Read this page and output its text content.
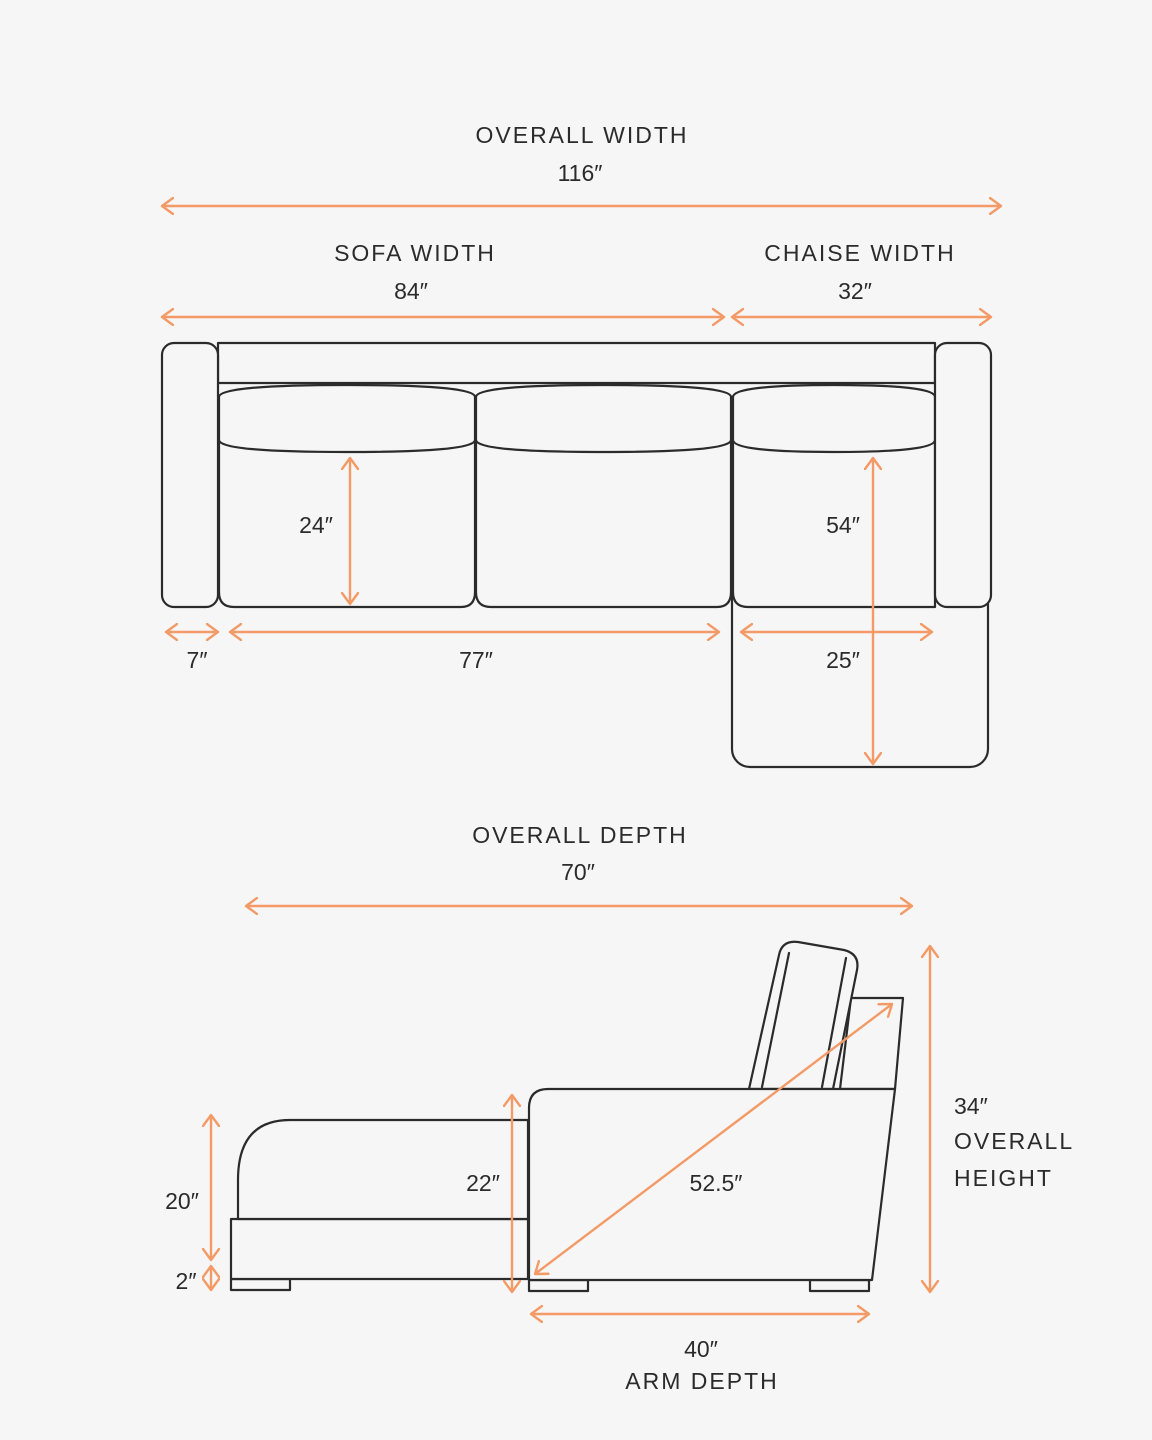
OVERALL WIDTH
116″
SOFA WIDTH
84″
CHAISE WIDTH
32″
24″	54″
7″	77″	25″
OVERALL DEPTH
70″
20″
2″
22″	52.5″
34″
OVERALL
HEIGHT
40″
ARM DEPTH
